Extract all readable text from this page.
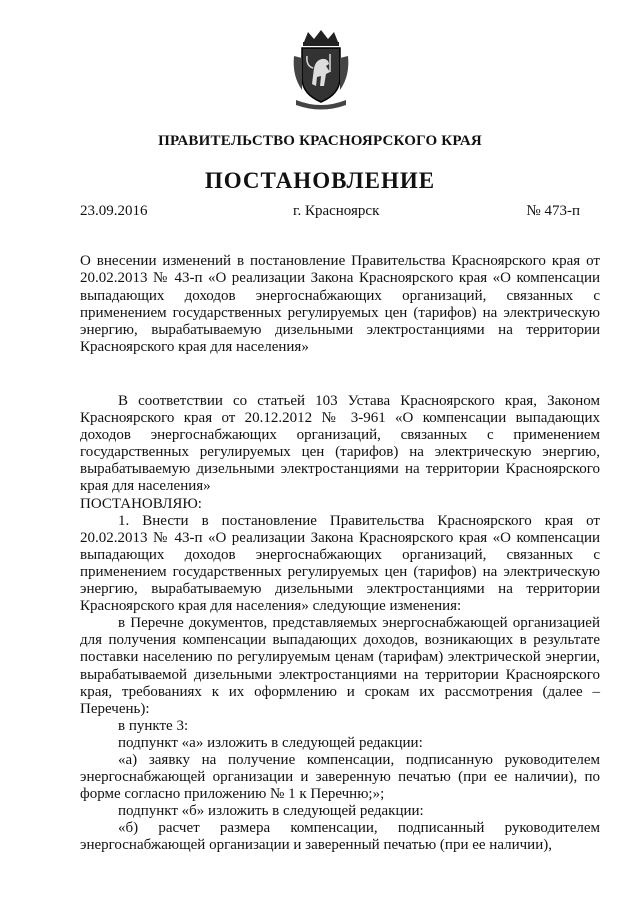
ПРАВИТЕЛЬСТВО КРАСНОЯРСКОГО КРАЯ
ПОСТАНОВЛЕНИЕ
23.09.2016	г. Красноярск	№ 473-п
О внесении изменений в постановление Правительства Красноярского края от 20.02.2013 № 43-п «О реализации Закона Красноярского края «О компенсации выпадающих доходов энергоснабжающих организаций, связанных с применением государственных регулируемых цен (тарифов) на электрическую энергию, вырабатываемую дизельными электростанциями на территории Красноярского края для населения»

В соответствии со статьей 103 Устава Красноярского края, Законом Красноярского края от 20.12.2012 № 3-961 «О компенсации выпадающих доходов энергоснабжающих организаций, связанных с применением государственных регулируемых цен (тарифов) на электрическую энергию, вырабатываемую дизельными электростанциями на территории Красноярского края для населения»

ПОСТАНОВЛЯЮ:

1. Внести в постановление Правительства Красноярского края от 20.02.2013 № 43-п «О реализации Закона Красноярского края «О компенсации выпадающих доходов энергоснабжающих организаций, связанных с применением государственных регулируемых цен (тарифов) на электрическую энергию, вырабатываемую дизельными электростанциями на территории Красноярского края для населения» следующие изменения:

в Перечне документов, представляемых энергоснабжающей организацией для получения компенсации выпадающих доходов, возникающих в результате поставки населению по регулируемым ценам (тарифам) электрической энергии, вырабатываемой дизельными электростанциями на территории Красноярского края, требованиях к их оформлению и срокам их рассмотрения (далее – Перечень):

в пункте 3:

подпункт «а» изложить в следующей редакции:

«а) заявку на получение компенсации, подписанную руководителем энергоснабжающей организации и заверенную печатью (при ее наличии), по форме согласно приложению № 1 к Перечню;»;

подпункт «б» изложить в следующей редакции:

«б) расчет размера компенсации, подписанный руководителем энергоснабжающей организации и заверенный печатью (при ее наличии),
